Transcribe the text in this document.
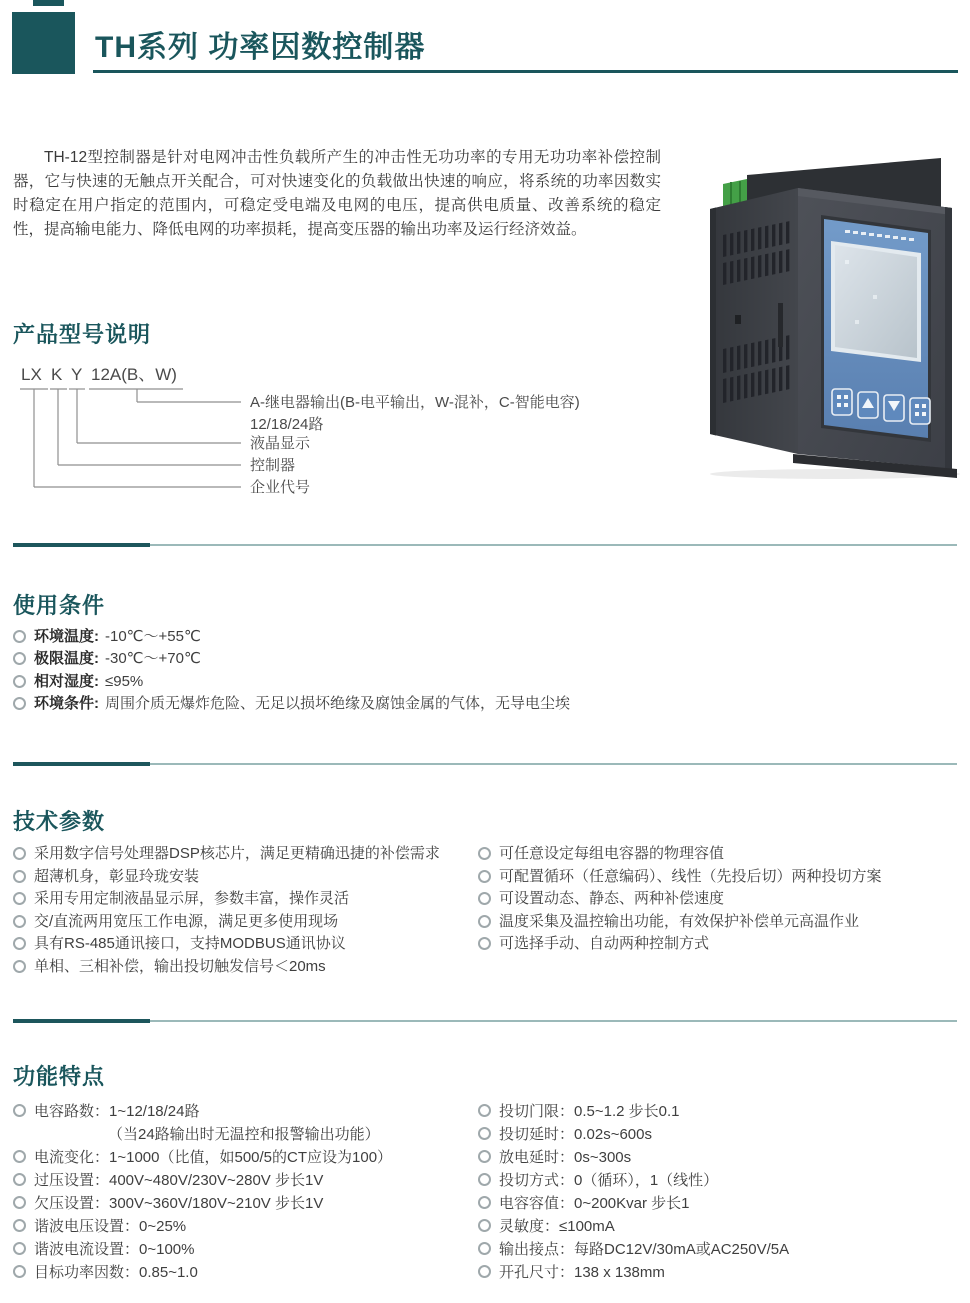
TH系列 功率因数控制器
TH-12型控制器是针对电网冲击性负载所产生的冲击性无功功率的专用无功功率补偿控制器，它与快速的无触点开关配合，可对快速变化的负载做出快速的响应，将系统的功率因数实时稳定在用户指定的范围内，可稳定受电端及电网的电压，提高供电质量、改善系统的稳定性，提高输电能力、降低电网的功率损耗，提高变压器的输出功率及运行经济效益。
产品型号说明
LX K Y 12A(B、W)
A-继电器输出(B-电平输出，W-混补，C-智能电容)
12/18/24路
液晶显示
控制器
企业代号
使用条件
环境温度: -10℃～+55℃
极限温度: -30℃～+70℃
相对湿度: ≤95%
环境条件: 周围介质无爆炸危险、无足以损坏绝缘及腐蚀金属的气体，无导电尘埃
技术参数
采用数字信号处理器DSP核芯片，满足更精确迅捷的补偿需求
超薄机身，彰显玲珑安装
采用专用定制液晶显示屏，参数丰富，操作灵活
交/直流两用宽压工作电源，满足更多使用现场
具有RS-485通讯接口，支持MODBUS通讯协议
单相、三相补偿，输出投切触发信号＜20ms
可任意设定每组电容器的物理容值
可配置循环（任意编码）、线性（先投后切）两种投切方案
可设置动态、静态、两种补偿速度
温度采集及温控输出功能，有效保护补偿单元高温作业
可选择手动、自动两种控制方式
功能特点
电容路数：1~12/18/24路
（当24路输出时无温控和报警输出功能）
电流变化：1~1000（比值，如500/5的CT应设为100）
过压设置：400V~480V/230V~280V 步长1V
欠压设置：300V~360V/180V~210V 步长1V
谐波电压设置：0~25%
谐波电流设置：0~100%
目标功率因数：0.85~1.0
投切门限：0.5~1.2 步长0.1
投切延时：0.02s~600s
放电延时：0s~300s
投切方式：0（循环），1（线性）
电容容值：0~200Kvar 步长1
灵敏度：≤100mA
输出接点：每路DC12V/30mA或AC250V/5A
开孔尺寸：138 x 138mm
